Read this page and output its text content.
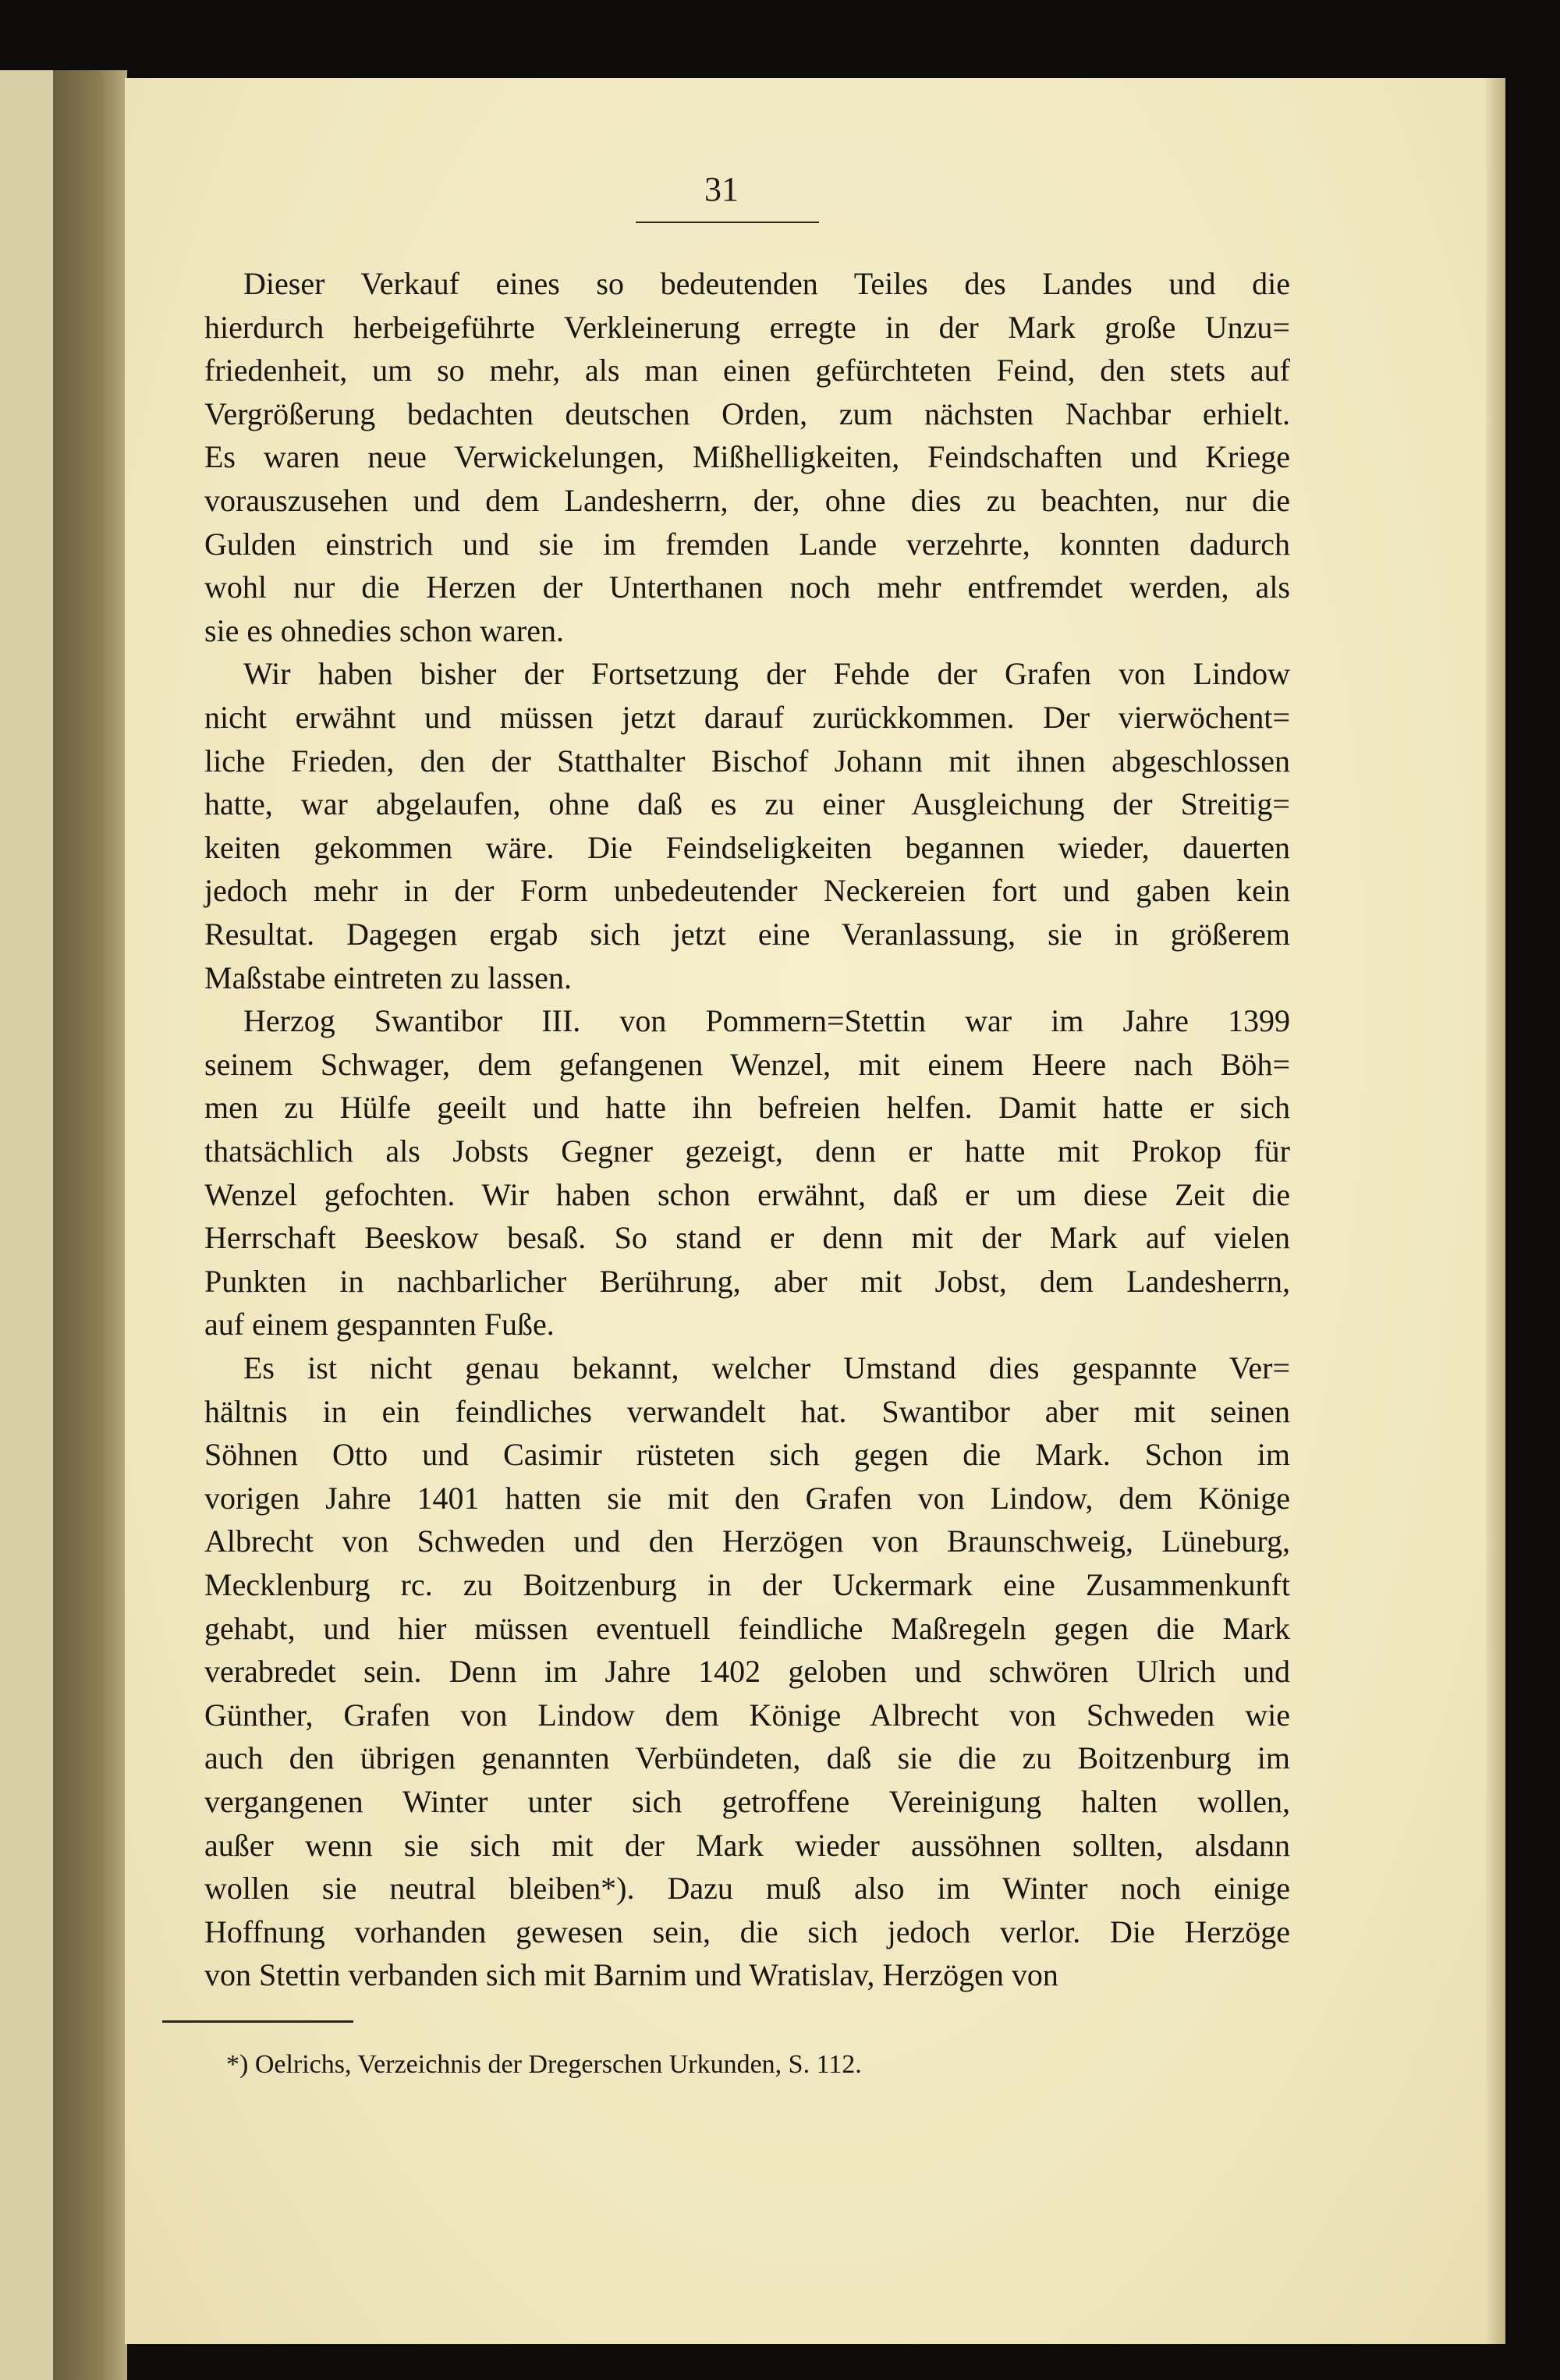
31
Dieser Verkauf eines so bedeutenden Teiles des Landes und die
hierdurch herbeigeführte Verkleinerung erregte in der Mark große Unzu=
friedenheit, um so mehr, als man einen gefürchteten Feind, den stets auf
Vergrößerung bedachten deutschen Orden, zum nächsten Nachbar erhielt.
Es waren neue Verwickelungen, Mißhelligkeiten, Feindschaften und Kriege
vorauszusehen und dem Landesherrn, der, ohne dies zu beachten, nur die
Gulden einstrich und sie im fremden Lande verzehrte, konnten dadurch
wohl nur die Herzen der Unterthanen noch mehr entfremdet werden, als
sie es ohnedies schon waren.
Wir haben bisher der Fortsetzung der Fehde der Grafen von Lindow
nicht erwähnt und müssen jetzt darauf zurückkommen. Der vierwöchent=
liche Frieden, den der Statthalter Bischof Johann mit ihnen abgeschlossen
hatte, war abgelaufen, ohne daß es zu einer Ausgleichung der Streitig=
keiten gekommen wäre. Die Feindseligkeiten begannen wieder, dauerten
jedoch mehr in der Form unbedeutender Neckereien fort und gaben kein
Resultat. Dagegen ergab sich jetzt eine Veranlassung, sie in größerem
Maßstabe eintreten zu lassen.
Herzog Swantibor III. von Pommern=Stettin war im Jahre 1399
seinem Schwager, dem gefangenen Wenzel, mit einem Heere nach Böh=
men zu Hülfe geeilt und hatte ihn befreien helfen. Damit hatte er sich
thatsächlich als Jobsts Gegner gezeigt, denn er hatte mit Prokop für
Wenzel gefochten. Wir haben schon erwähnt, daß er um diese Zeit die
Herrschaft Beeskow besaß. So stand er denn mit der Mark auf vielen
Punkten in nachbarlicher Berührung, aber mit Jobst, dem Landesherrn,
auf einem gespannten Fuße.
Es ist nicht genau bekannt, welcher Umstand dies gespannte Ver=
hältnis in ein feindliches verwandelt hat. Swantibor aber mit seinen
Söhnen Otto und Casimir rüsteten sich gegen die Mark. Schon im
vorigen Jahre 1401 hatten sie mit den Grafen von Lindow, dem Könige
Albrecht von Schweden und den Herzögen von Braunschweig, Lüneburg,
Mecklenburg rc. zu Boitzenburg in der Uckermark eine Zusammenkunft
gehabt, und hier müssen eventuell feindliche Maßregeln gegen die Mark
verabredet sein. Denn im Jahre 1402 geloben und schwören Ulrich und
Günther, Grafen von Lindow dem Könige Albrecht von Schweden wie
auch den übrigen genannten Verbündeten, daß sie die zu Boitzenburg im
vergangenen Winter unter sich getroffene Vereinigung halten wollen,
außer wenn sie sich mit der Mark wieder aussöhnen sollten, alsdann
wollen sie neutral bleiben*). Dazu muß also im Winter noch einige
Hoffnung vorhanden gewesen sein, die sich jedoch verlor. Die Herzöge
von Stettin verbanden sich mit Barnim und Wratislav, Herzögen von
*) Oelrichs, Verzeichnis der Dregerschen Urkunden, S. 112.
